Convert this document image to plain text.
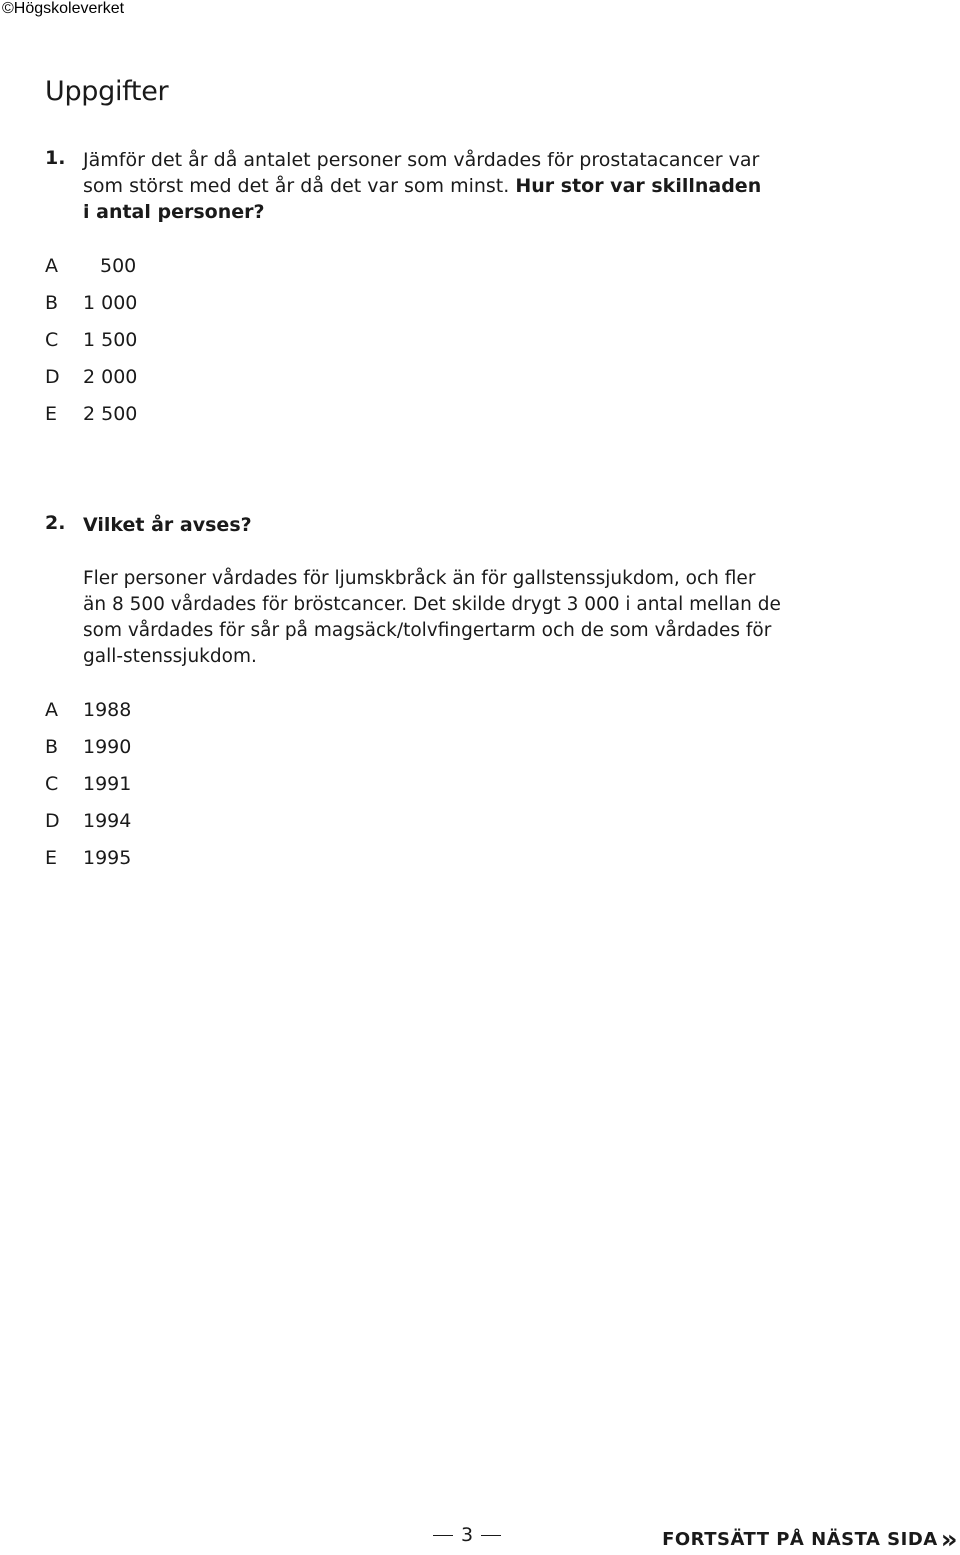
©Högskoleverket
Uppgifter
1. Jämför det år då antalet personer som vårdades för prostatacancer var som störst med det år då det var som minst. Hur stor var skillnaden i antal personer?

A	500
B	1 000
C	1 500
D	2 000
E	2 500
2. Vilket år avses?

Fler personer vårdades för ljumskbråck än för gallstenssjukdom, och fler än 8 500 vårdades för bröstcancer. Det skilde drygt 3 000 i antal mellan de som vårdades för sår på magsäck/tolvfingertarm och de som vårdades för gall-stenssjukdom.

A	1988
B	1990
C	1991
D	1994
E	1995
3	FORTSÄTT PÅ NÄSTA SIDA »
